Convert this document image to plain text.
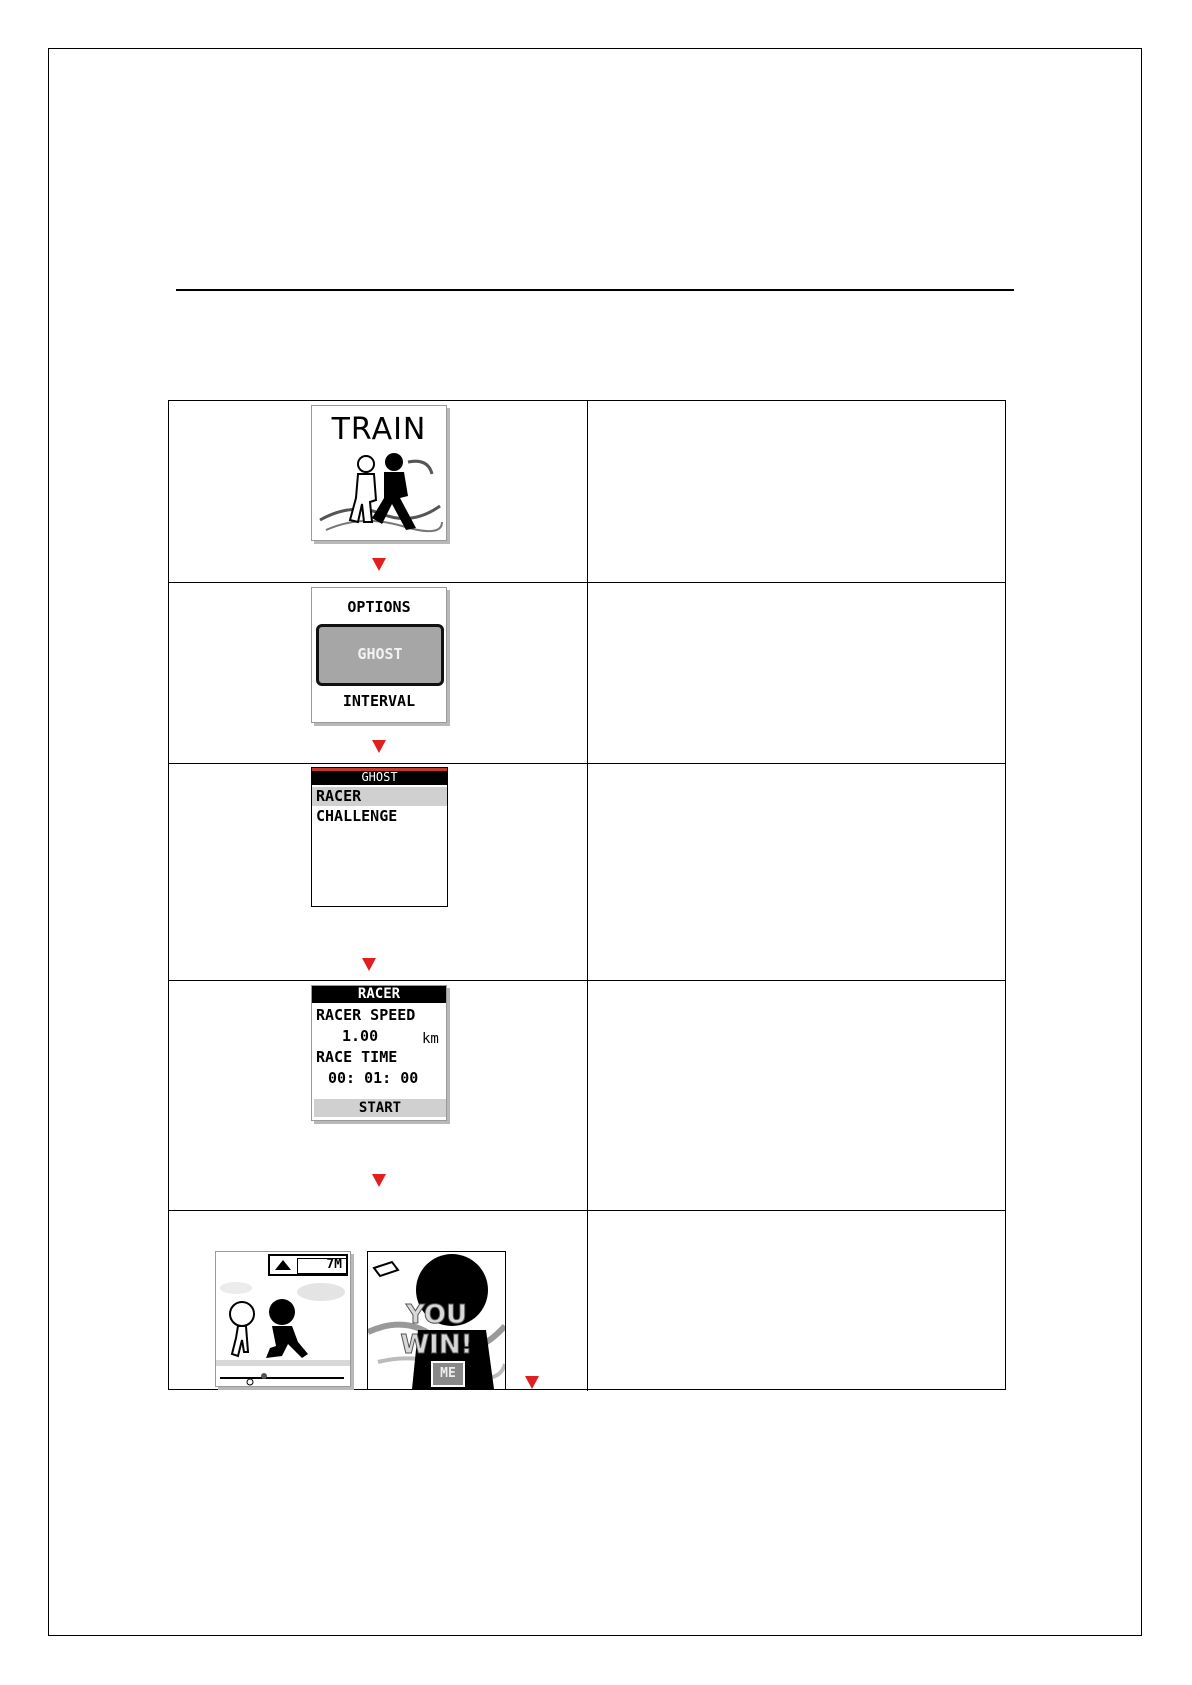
TRAIN
OPTIONS
GHOST
INTERVAL
GHOST
RACER
CHALLENGE
RACER
RACER SPEED
1.00	km
RACE TIME
00: 01: 00
START
7M
YOU WIN!
ME
